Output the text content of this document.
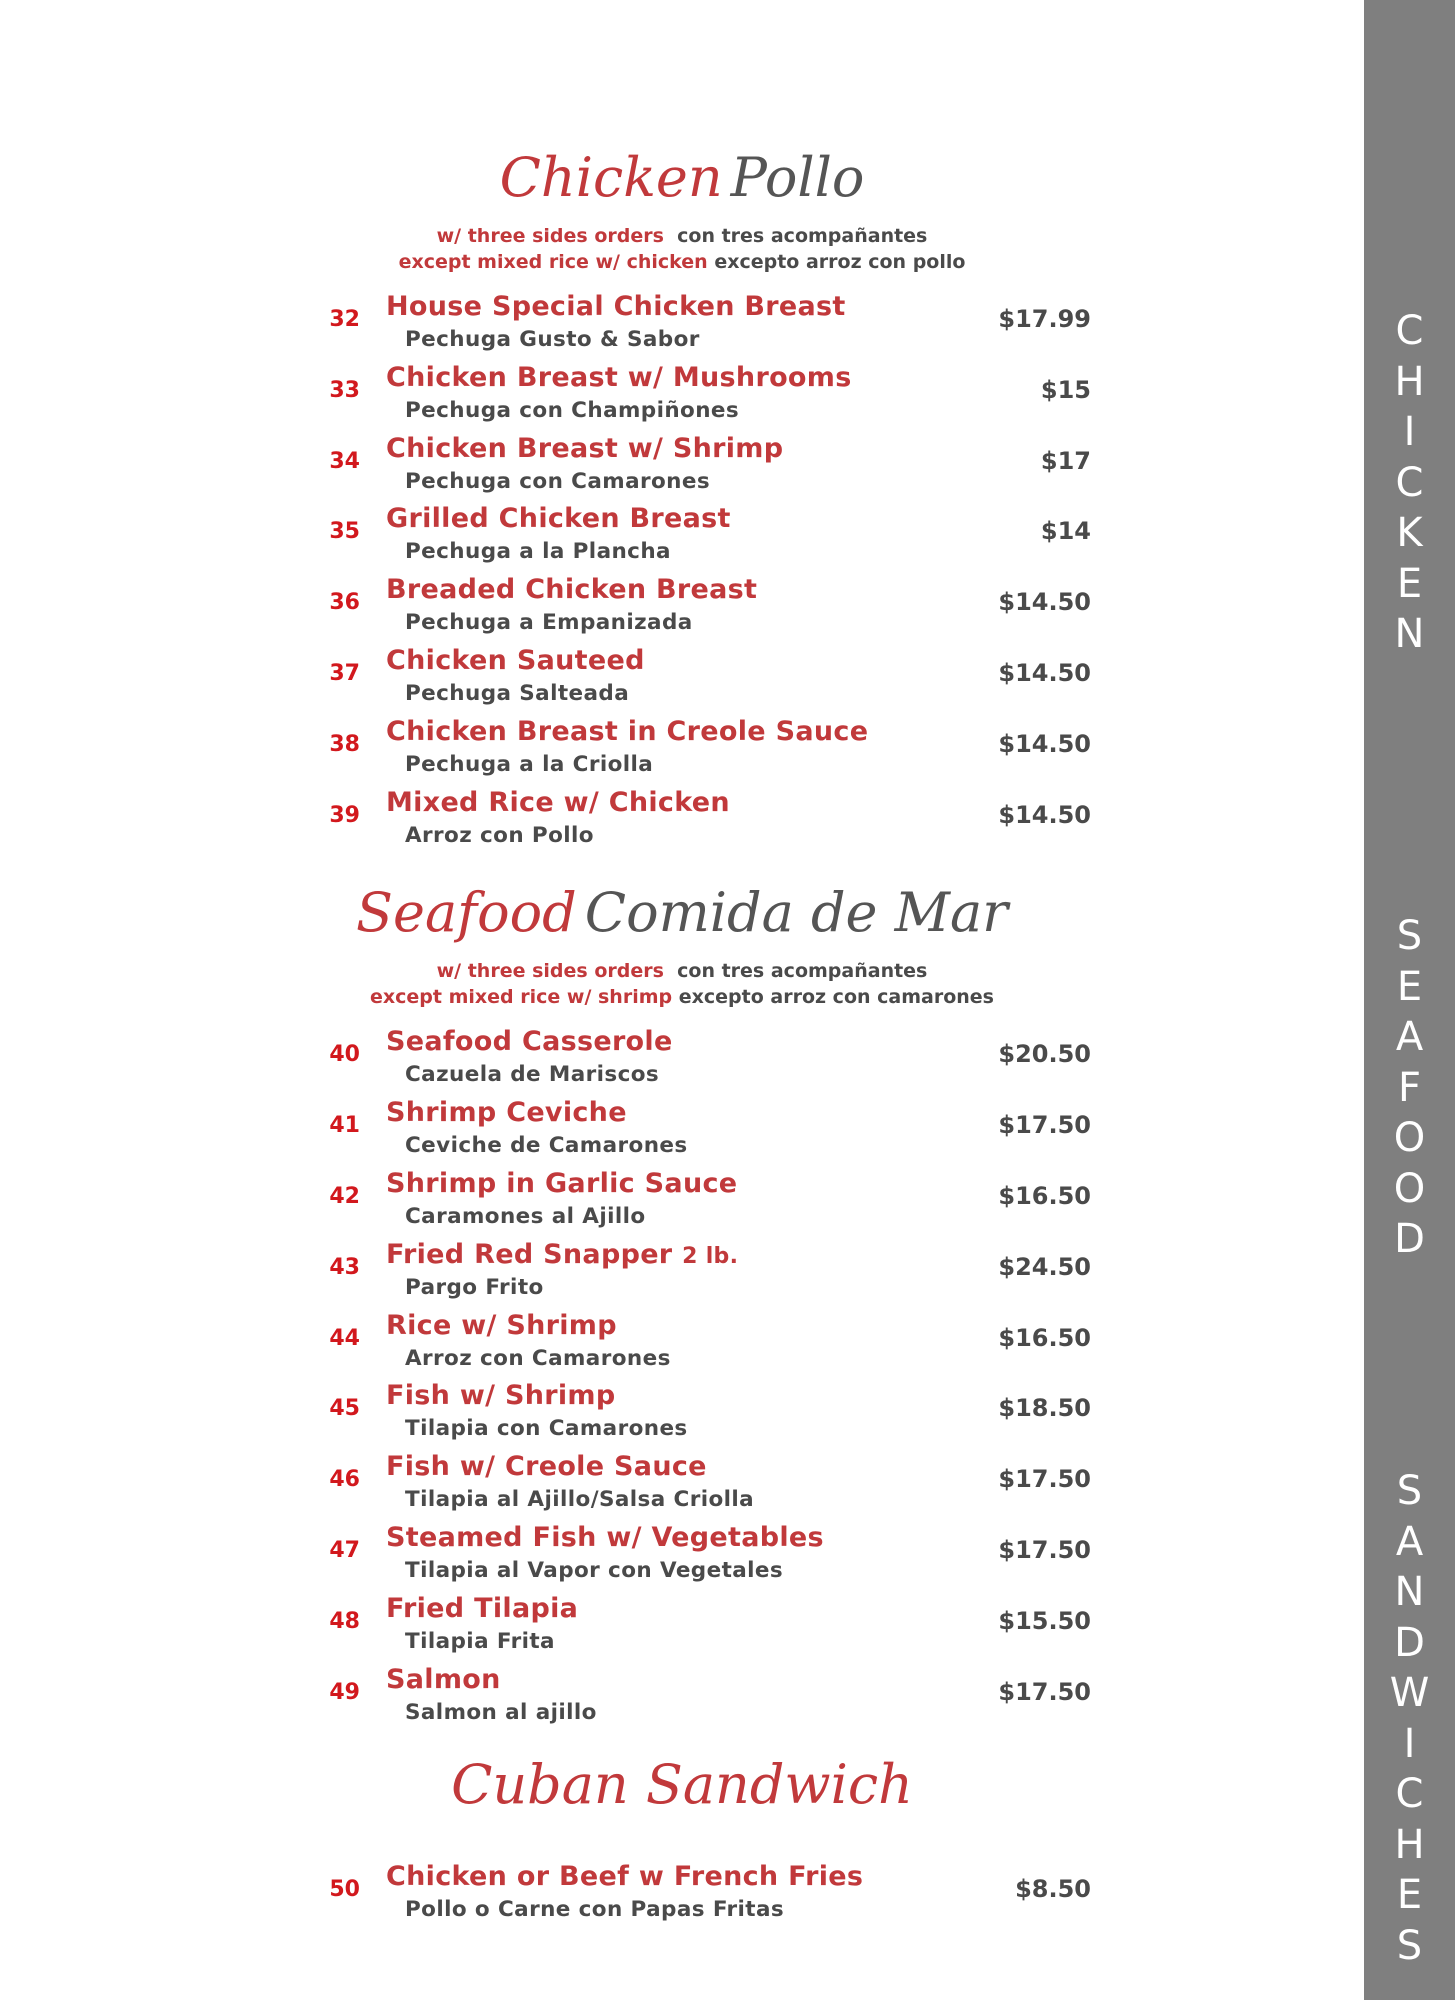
C
H
I
C
K
E
N
S
E
A
F
O
O
D
S
A
N
D
W
I
C
H
E
S
Chicken Pollo
w/ three sides orders con tres acompañantes
except mixed rice w/ chicken excepto arroz con pollo
Seafood Comida de Mar
w/ three sides orders con tres acompañantes
except mixed rice w/ shrimp excepto arroz con camarones
Cuban Sandwich
32 House Special Chicken Breast
Pechuga Gusto & Sabor
$17.99
33 Chicken Breast w/ Mushrooms
Pechuga con Champiñones
$15
34 Chicken Breast w/ Shrimp
Pechuga con Camarones
$17
35 Grilled Chicken Breast
Pechuga a la Plancha
$14
36 Breaded Chicken Breast
Pechuga a Empanizada
$14.50
37 Chicken Sauteed
Pechuga Salteada
$14.50
38 Chicken Breast in Creole Sauce
Pechuga a la Criolla
$14.50
39 Mixed Rice w/ Chicken
Arroz con Pollo
$14.50
40 Seafood Casserole
Cazuela de Mariscos
$20.50
41 Shrimp Ceviche
Ceviche de Camarones
$17.50
42 Shrimp in Garlic Sauce
Caramones al Ajillo
$16.50
43 Fried Red Snapper 2 lb.
Pargo Frito
$24.50
44 Rice w/ Shrimp
Arroz con Camarones
$16.50
45 Fish w/ Shrimp
Tilapia con Camarones
$18.50
46 Fish w/ Creole Sauce
Tilapia al Ajillo/Salsa Criolla
$17.50
47 Steamed Fish w/ Vegetables
Tilapia al Vapor con Vegetales
$17.50
48 Fried Tilapia
Tilapia Frita
$15.50
49 Salmon
Salmon al ajillo
$17.50
50 Chicken or Beef w French Fries
Pollo o Carne con Papas Fritas
$8.50
